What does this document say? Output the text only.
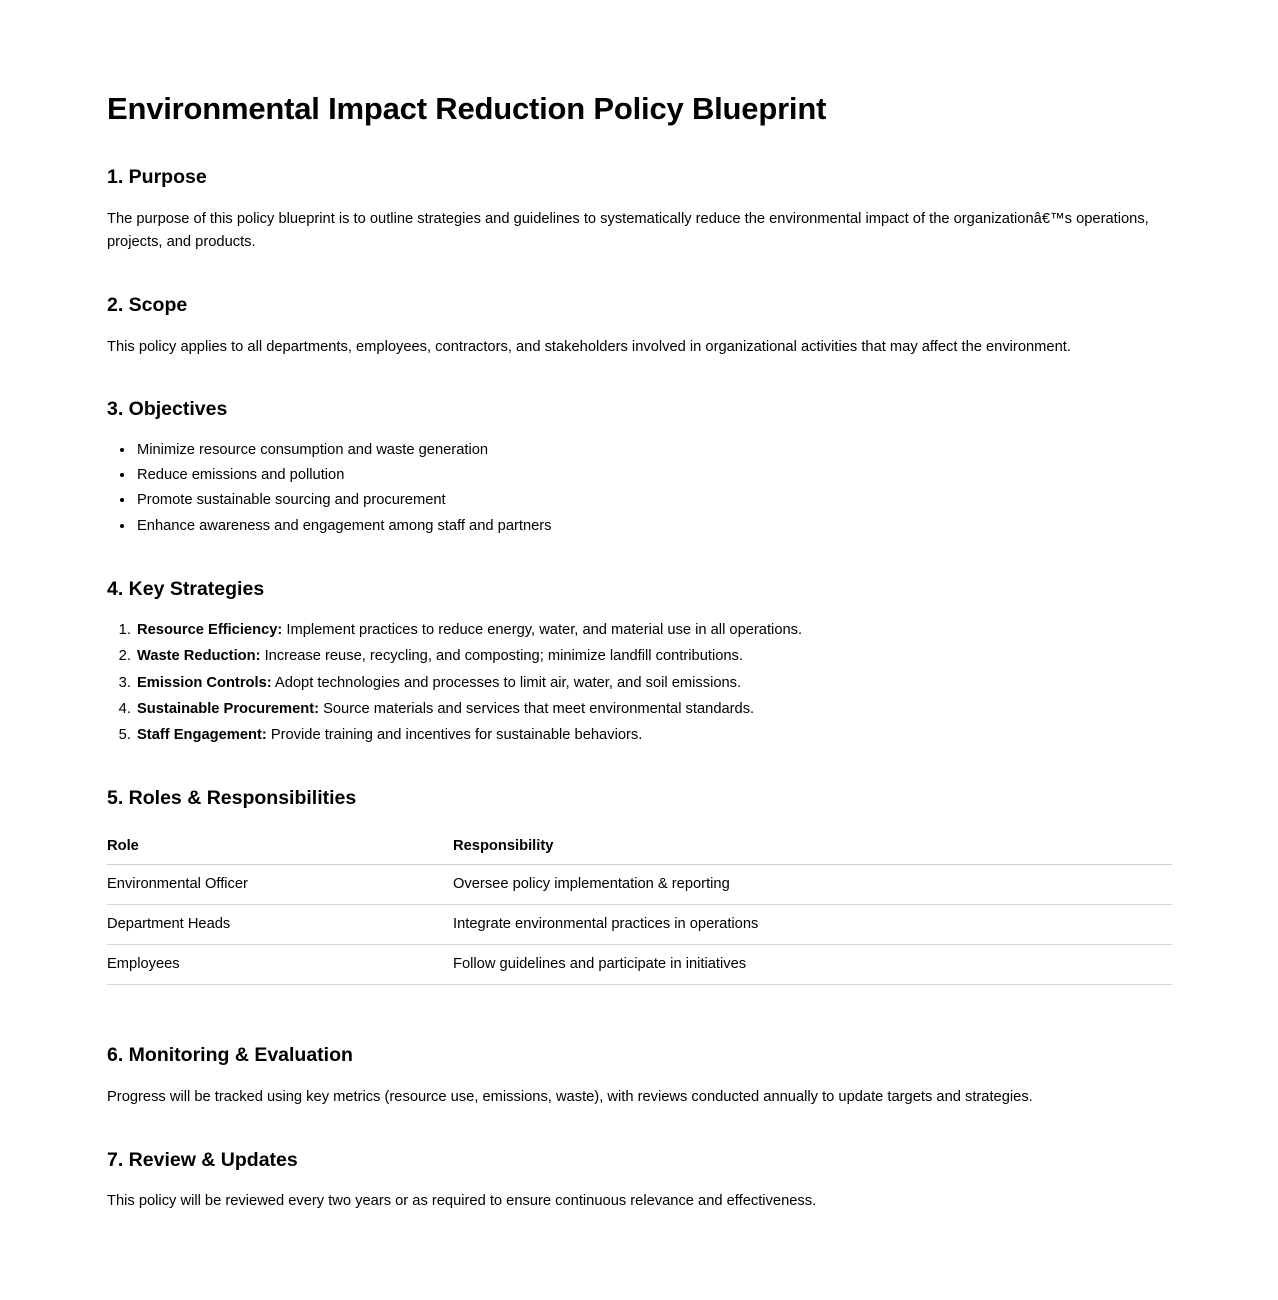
Environmental Impact Reduction Policy Blueprint
1. Purpose

The purpose of this policy blueprint is to outline strategies and guidelines to systematically reduce the environmental impact of the organizationâ€™s operations, projects, and products.

2. Scope

This policy applies to all departments, employees, contractors, and stakeholders involved in organizational activities that may affect the environment.

3. Objectives
• Minimize resource consumption and waste generation
• Reduce emissions and pollution
• Promote sustainable sourcing and procurement
• Enhance awareness and engagement among staff and partners
4. Key Strategies
1. Resource Efficiency: Implement practices to reduce energy, water, and material use in all operations.
2. Waste Reduction: Increase reuse, recycling, and composting; minimize landfill contributions.
3. Emission Controls: Adopt technologies and processes to limit air, water, and soil emissions.
4. Sustainable Procurement: Source materials and services that meet environmental standards.
5. Staff Engagement: Provide training and incentives for sustainable behaviors.
5. Roles & Responsibilities
Role	Responsibility
Environmental Officer	Oversee policy implementation & reporting
Department Heads	Integrate environmental practices in operations
Employees	Follow guidelines and participate in initiatives
6. Monitoring & Evaluation

Progress will be tracked using key metrics (resource use, emissions, waste), with reviews conducted annually to update targets and strategies.

7. Review & Updates

This policy will be reviewed every two years or as required to ensure continuous relevance and effectiveness.
